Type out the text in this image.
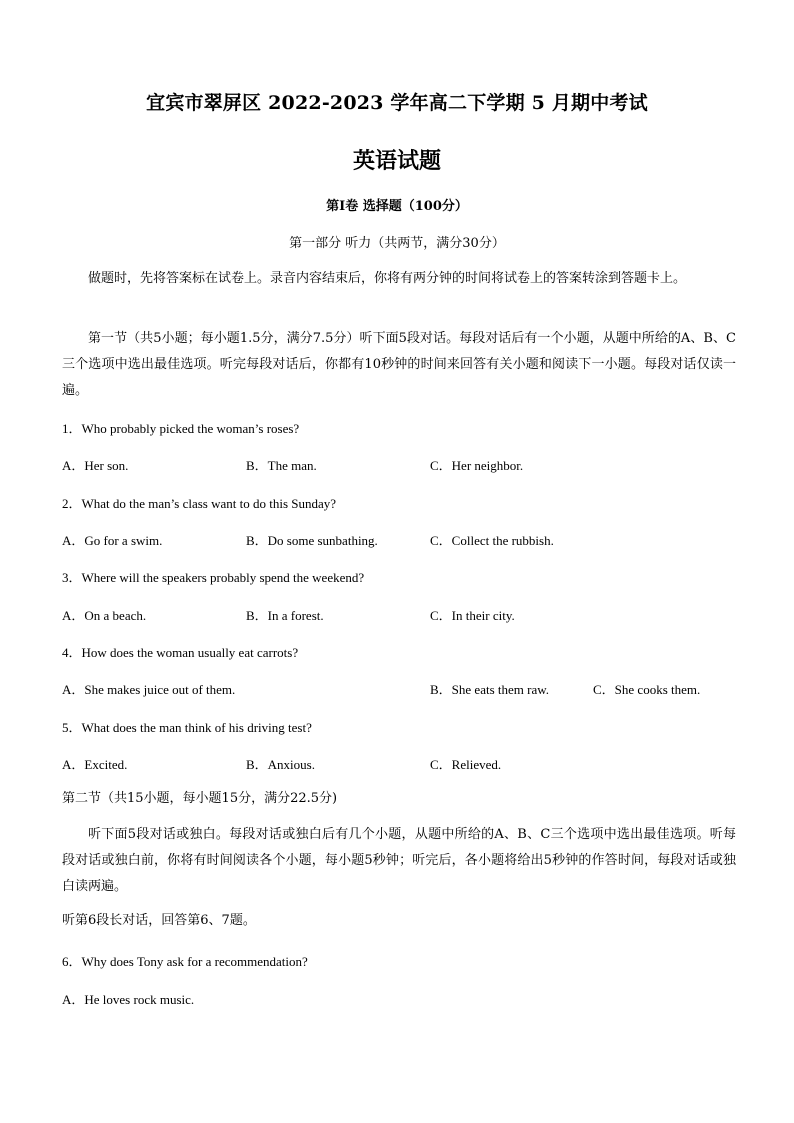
宜宾市翠屏区 2022-2023 学年高二下学期 5 月期中考试
英语试题
第Ⅰ卷 选择题（100分）
第一部分 听力（共两节，满分30分）
做题时，先将答案标在试卷上。录音内容结束后，你将有两分钟的时间将试卷上的答案转涂到答题卡上。
第一节（共5小题；每小题1.5分，满分7.5分）听下面5段对话。每段对话后有一个小题，从题中所给的A、B、C三个选项中选出最佳选项。听完每段对话后，你都有10秒钟的时间来回答有关小题和阅读下一小题。每段对话仅读一遍。
1．Who probably picked the woman’s roses?
A．Her son.	B．The man.	C．Her neighbor.
2．What do the man’s class want to do this Sunday?
A．Go for a swim.	B．Do some sunbathing.	C．Collect the rubbish.
3．Where will the speakers probably spend the weekend?
A．On a beach.	B．In a forest.	C．In their city.
4．How does the woman usually eat carrots?
A．She makes juice out of them.	B．She eats them raw.	C．She cooks them.
5．What does the man think of his driving test?
A．Excited.	B．Anxious.	C．Relieved.
第二节（共15小题，每小题15分，满分22.5分)
听下面5段对话或独白。每段对话或独白后有几个小题，从题中所给的A、B、C三个选项中选出最佳选项。听每段对话或独白前，你将有时间阅读各个小题，每小题5秒钟；听完后，各小题将给出5秒钟的作答时间，每段对话或独白读两遍。
听第6段长对话，回答第6、7题。
6．Why does Tony ask for a recommendation?
A．He loves rock music.
